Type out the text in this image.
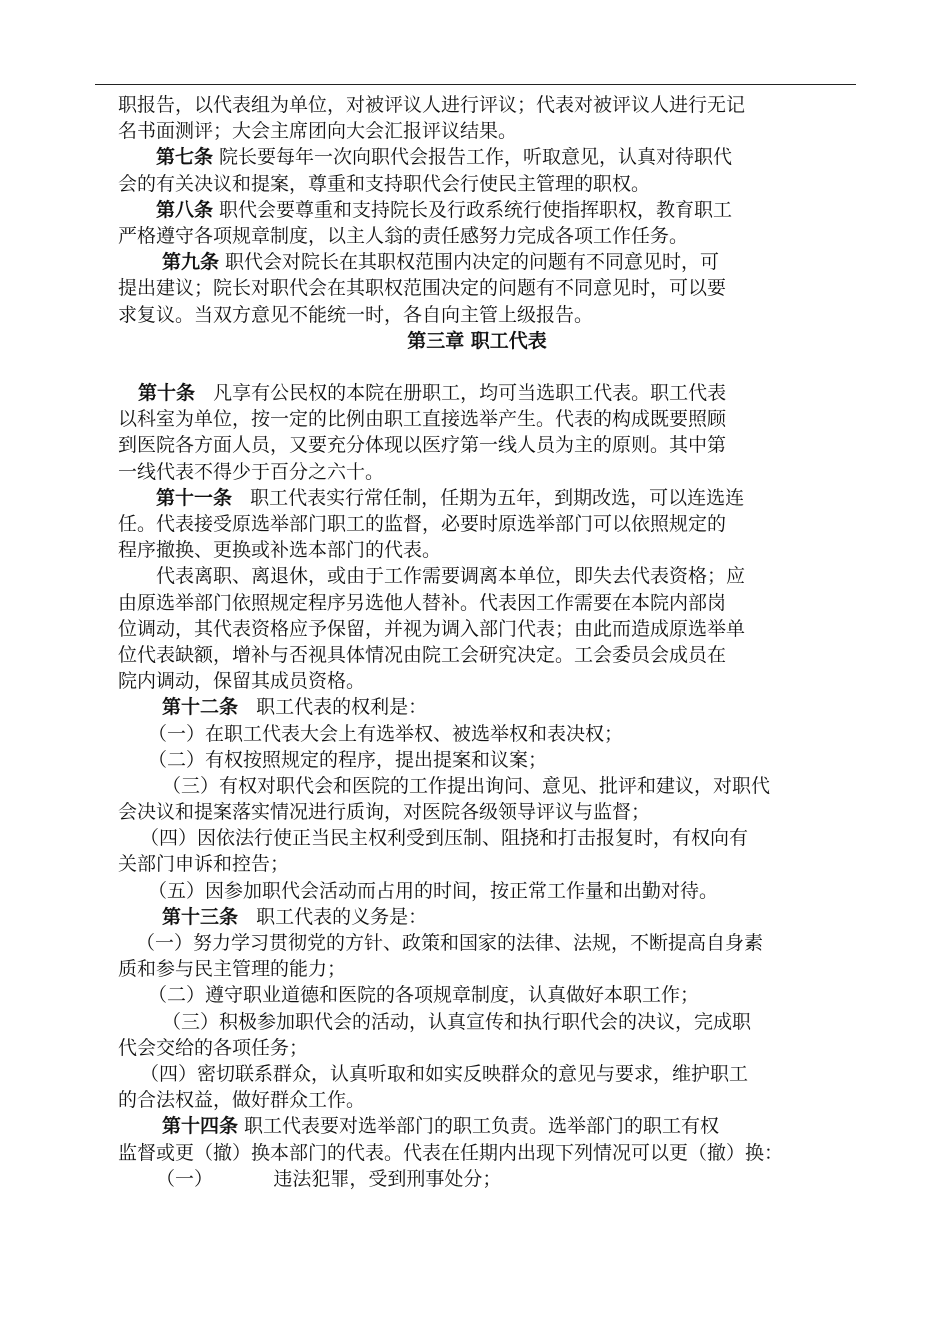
职报告，以代表组为单位，对被评议人进行评议；代表对被评议人进行无记
名书面测评；大会主席团向大会汇报评议结果。
第七条 院长要每年一次向职代会报告工作，听取意见，认真对待职代
会的有关决议和提案，尊重和支持职代会行使民主管理的职权。
第八条 职代会要尊重和支持院长及行政系统行使指挥职权，教育职工
严格遵守各项规章制度，以主人翁的责任感努力完成各项工作任务。
第九条 职代会对院长在其职权范围内决定的问题有不同意见时，可
提出建议；院长对职代会在其职权范围决定的问题有不同意见时，可以要
求复议。当双方意见不能统一时，各自向主管上级报告。
第三章 职工代表
第十条   凡享有公民权的本院在册职工，均可当选职工代表。职工代表
以科室为单位，按一定的比例由职工直接选举产生。代表的构成既要照顾
到医院各方面人员，又要充分体现以医疗第一线人员为主的原则。其中第
一线代表不得少于百分之六十。
第十一条   职工代表实行常任制，任期为五年，到期改选，可以连选连
任。代表接受原选举部门职工的监督，必要时原选举部门可以依照规定的
程序撤换、更换或补选本部门的代表。
代表离职、离退休，或由于工作需要调离本单位，即失去代表资格；应
由原选举部门依照规定程序另选他人替补。代表因工作需要在本院内部岗
位调动，其代表资格应予保留，并视为调入部门代表；由此而造成原选举单
位代表缺额，增补与否视具体情况由院工会研究决定。工会委员会成员在
院内调动，保留其成员资格。
第十二条   职工代表的权利是：
（一）在职工代表大会上有选举权、被选举权和表决权；
（二）有权按照规定的程序，提出提案和议案；
（三）有权对职代会和医院的工作提出询问、意见、批评和建议，对职代
会决议和提案落实情况进行质询，对医院各级领导评议与监督；
（四）因依法行使正当民主权利受到压制、阻挠和打击报复时，有权向有
关部门申诉和控告；
（五）因参加职代会活动而占用的时间，按正常工作量和出勤对待。
第十三条   职工代表的义务是：
（一）努力学习贯彻党的方针、政策和国家的法律、法规，不断提高自身素
质和参与民主管理的能力；
（二）遵守职业道德和医院的各项规章制度，认真做好本职工作；
（三）积极参加职代会的活动，认真宣传和执行职代会的决议，完成职
代会交给的各项任务；
（四）密切联系群众，认真听取和如实反映群众的意见与要求，维护职工
的合法权益，做好群众工作。
第十四条 职工代表要对选举部门的职工负责。选举部门的职工有权
监督或更（撤）换本部门的代表。代表在任期内出现下列情况可以更（撤）换：
（一）          违法犯罪，受到刑事处分；
